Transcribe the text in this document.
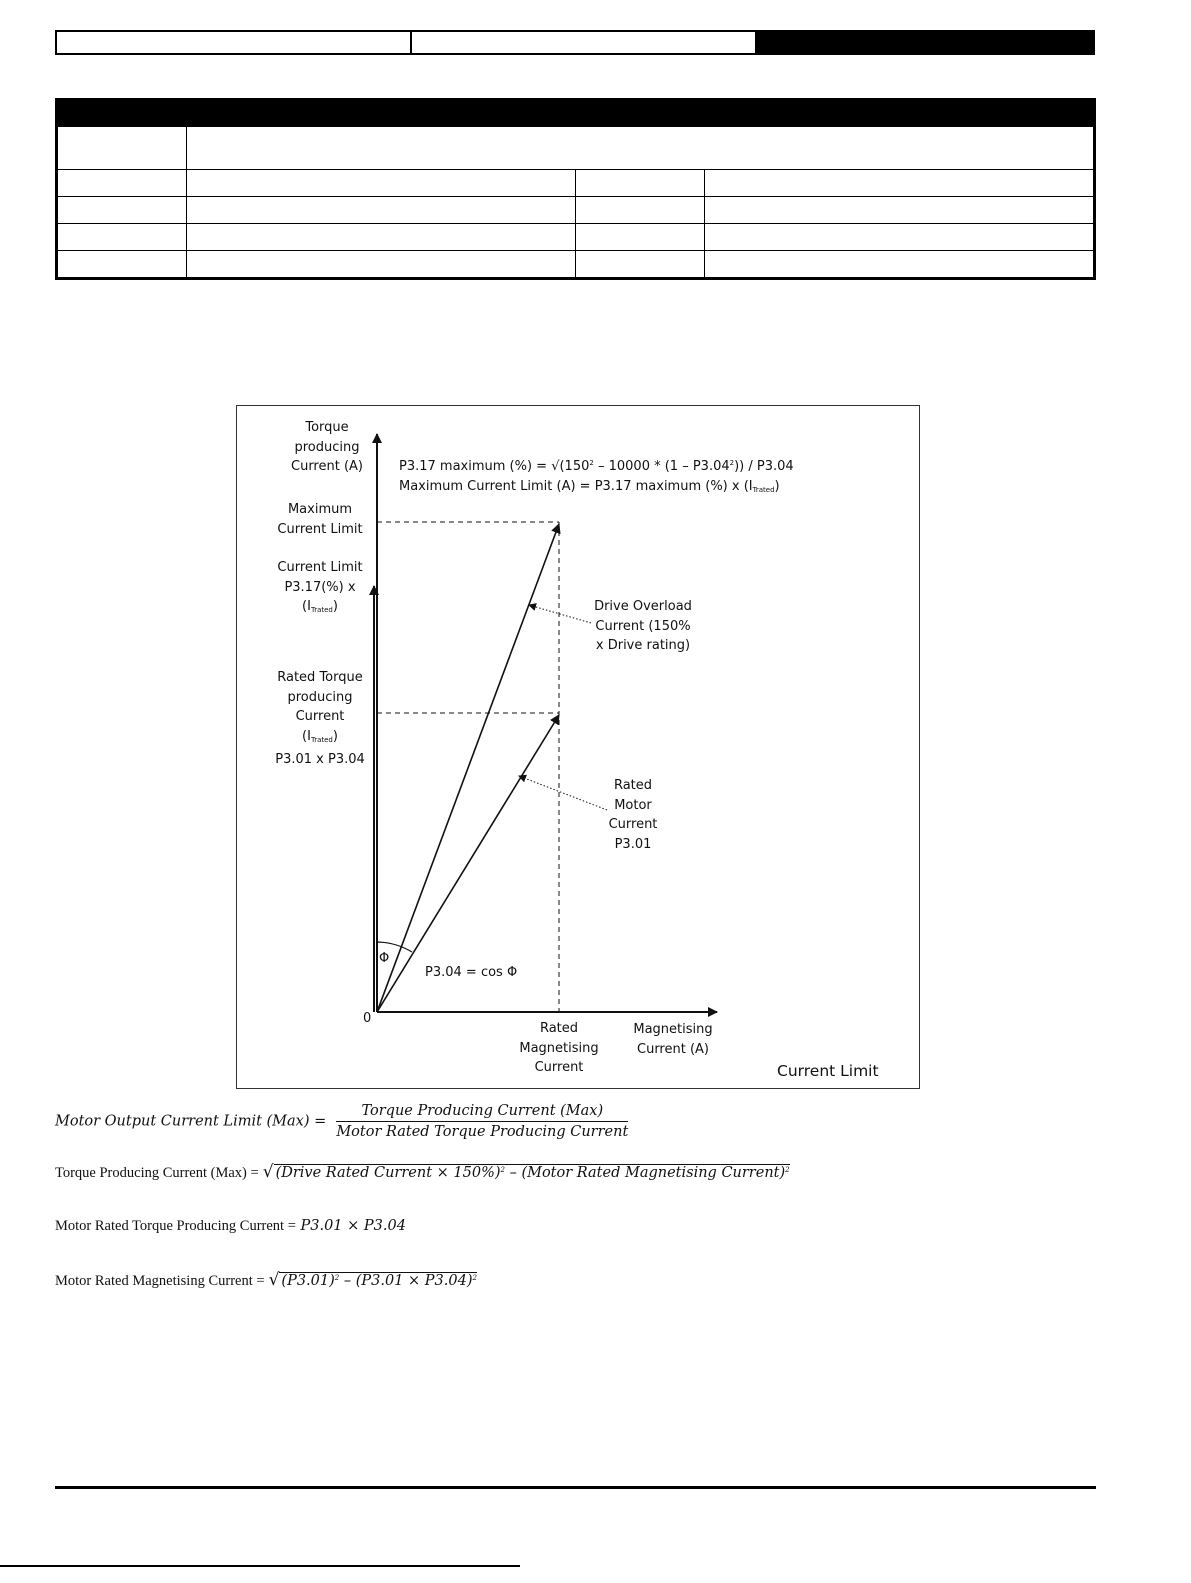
Torque
producing
Current (A)	P3.17 maximum (%) = $√(150^2 - 10000 * (1 - P3.04^2)) / P3.04$
Maximum Current Limit (A) = P3.17 maximum (%) x $(I_{Trated})$
Maximum
Current Limit
Current Limit
P3.17(%) x
$(I_{Trated})$
Rated Torque
producing
Current
$(I_{Trated})$
P3.01 x P3.04
Drive Overload
Current (150%
x Drive rating)
Rated
Motor
Current
P3.01
Φ
P3.04 = cos Φ
0
Rated
Magnetising
Current
Magnetising
Current (A)
Current Limit
Motor Output Current Limit $(Max) = \frac{\text{Torque Producing Current (Max)}}{\text{Motor Rated Torque Producing Current}}$
Torque Producing Current (Max) = √ (Drive Rated Current × 150%)$^2$ – (Motor Rated Magnetising Current)$^2$
Motor Rated Torque Producing Current = P3.01 × P3.04
Motor Rated Magnetising Current = √ $(P3.01)^2 - (P3.01 \times P3.04)^2$
